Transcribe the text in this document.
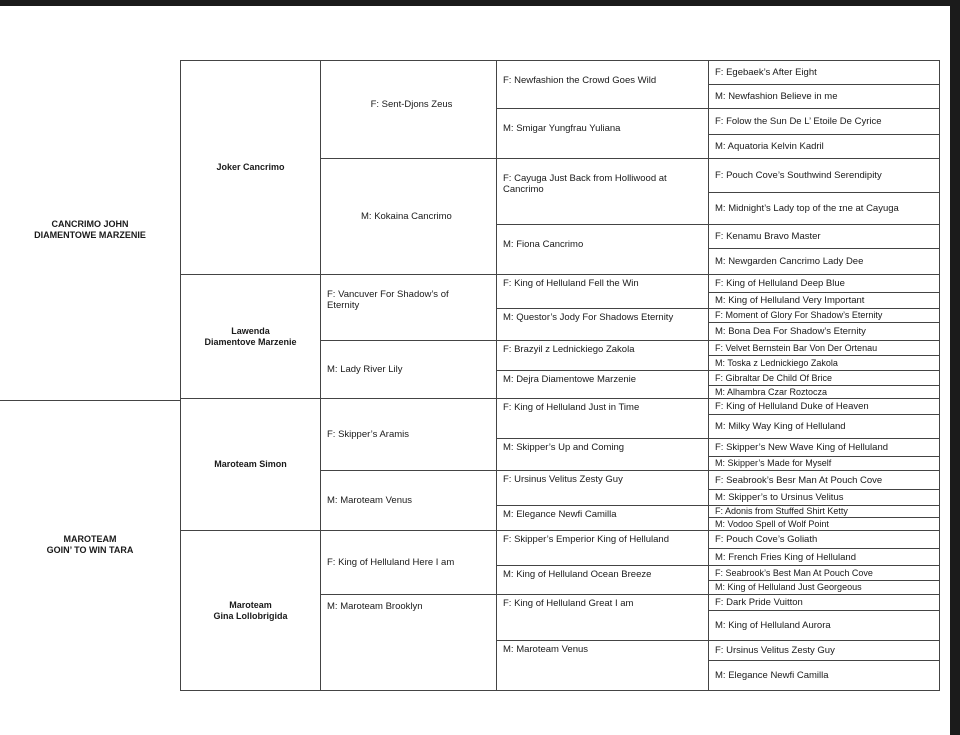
CANCRIMO JOHN
DIAMENTOWE MARZENIE
MAROTEAM
GOIN’ TO WIN TARA
Joker Cancrimo
Lawenda
Diamentove Marzenie
Maroteam Simon
Maroteam
Gina Lollobrigida
F: Sent-Djons Zeus
M: Kokaina Cancrimo
F: Vancuver For Shadow’s of Eternity
M: Lady River Lily
F: Skipper’s Aramis
M: Maroteam Venus
F: King of Helluland Here I am
M: Maroteam Brooklyn
F: Newfashion the Crowd Goes Wild
M: Smigar Yungfrau Yuliana
F: Cayuga Just Back from Holliwood at Cancrimo
M: Fiona Cancrimo
F: King of Helluland Fell the Win
M: Questor’s Jody For Shadows Eternity
F: Brazyil z Lednickiego Zakola
M: Dejra Diamentowe Marzenie
F: King of Helluland Just in Time
M: Skipper’s Up and Coming
F: Ursinus Velitus Zesty Guy
M: Elegance Newfi Camilla
F: Skipper’s Emperior King of Helluland
M: King of Helluland Ocean Breeze
F: King of Helluland Great I am
M: Maroteam Venus
F: Egebaek’s After Eight
M: Newfashion Believe in me
F: Folow the Sun De L’ Etoile De Cyrice
M: Aquatoria Kelvin Kadril
F: Pouch Cove’s Southwind Serendipity
M: Midnight’s Lady top of the ɪne at Cayuga
F: Kenamu Bravo Master
M: Newgarden Cancrimo Lady Dee
F: King of Helluland Deep Blue
M: King of Helluland Very Important
F: Moment of Glory For Shadow’s Eternity
M: Bona Dea For Shadow’s Eternity
F: Velvet Bernstein Bar Von Der Ortenau
M: Toska z Lednickiego Zakola
F: Gibraltar De Child Of Brice
M: Alhambra Czar Roztocza
F: King of Helluland Duke of Heaven
M: Milky Way King of Helluland
F: Skipper’s New Wave King of Helluland
M: Skipper’s Made for Myself
F: Seabrook’s Besr Man At Pouch Cove
M: Skipper’s to Ursinus Velitus
F: Adonis from Stuffed Shirt Ketty
M: Vodoo Spell of Wolf Point
F: Pouch Cove’s Goliath
M: French Fries King of Helluland
F: Seabrook’s Best Man At Pouch Cove
M: King of Helluland Just Georgeous
F: Dark Pride Vuitton
M: King of Helluland Aurora
F: Ursinus Velitus Zesty Guy
M: Elegance Newfi Camilla
